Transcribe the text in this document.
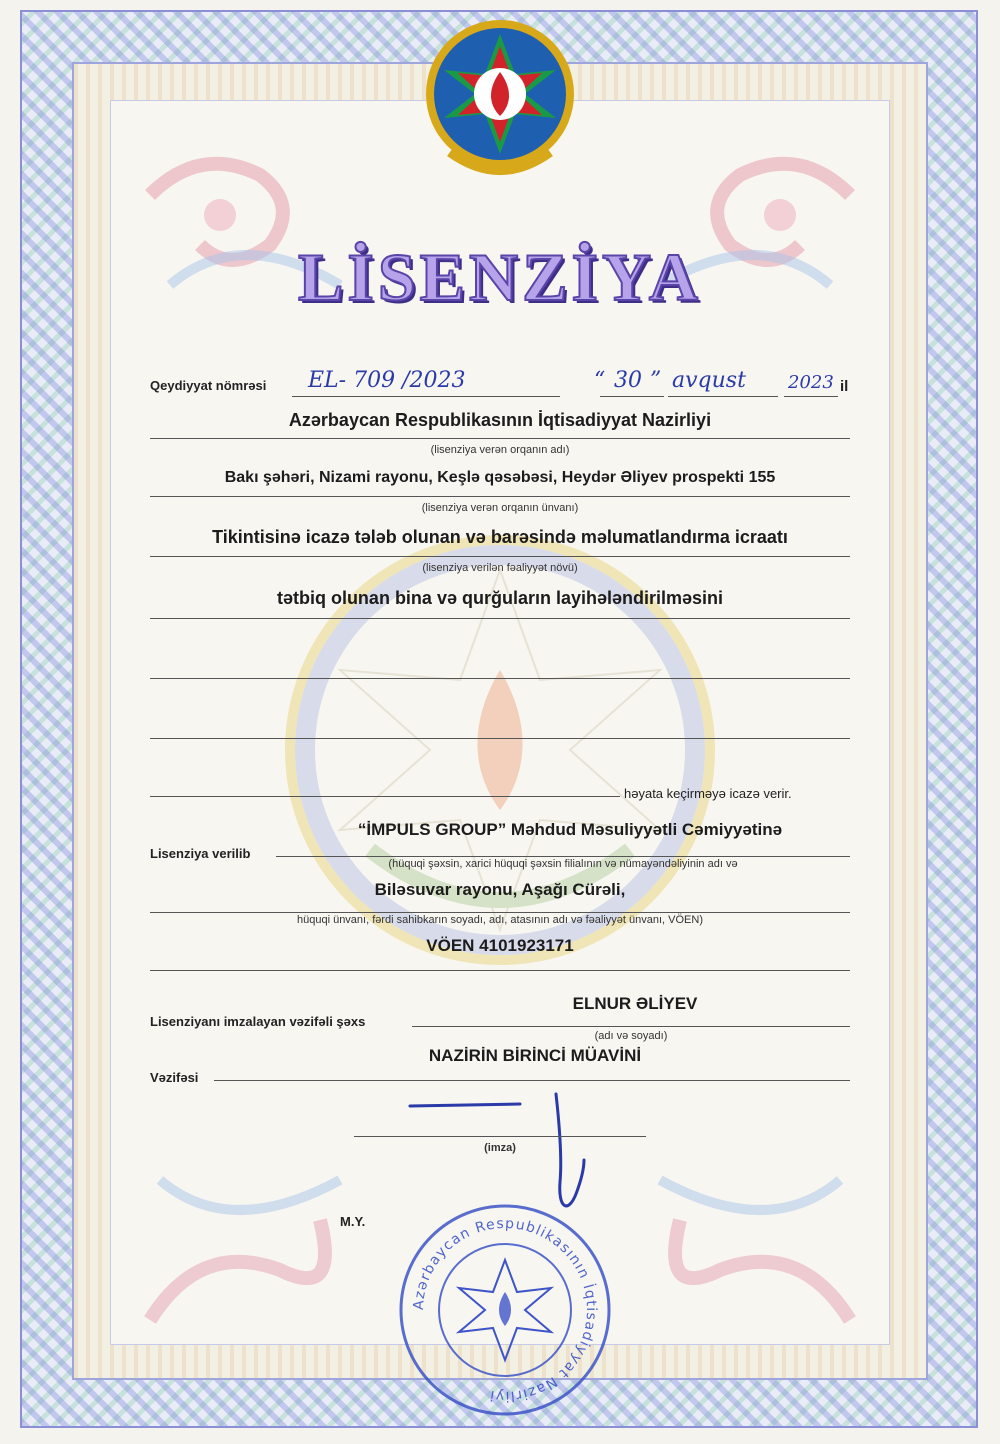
LİSENZİYA
Qeydiyyat nömrəsi EL- 709 /2023	“ 30 ” avqust 2023 il
Azərbaycan Respublikasının İqtisadiyyat Nazirliyi
(lisenziya verən orqanın adı)
Bakı şəhəri, Nizami rayonu, Keşlə qəsəbəsi, Heydər Əliyev prospekti 155
(lisenziya verən orqanın ünvanı)
Tikintisinə icazə tələb olunan və barəsində məlumatlandırma icraatı
(lisenziya verilən fəaliyyət növü)
tətbiq olunan bina və qurğuların layihələndirilməsini
həyata keçirməyə icazə verir.
Lisenziya verilib
“İMPULS GROUP” Məhdud Məsuliyyətli Cəmiyyətinə
(hüquqi şəxsin, xarici hüquqi şəxsin filialının və nümayəndəliyinin adı və
Biləsuvar rayonu, Aşağı Cürəli,
hüquqi ünvanı, fərdi sahibkarın soyadı, adı, atasının adı və fəaliyyət ünvanı, VÖEN)
VÖEN 4101923171
Lisenziyanı imzalayan vəzifəli şəxs
ELNUR ƏLİYEV
(adı və soyadı)
Vəzifəsi
NAZİRİN BİRİNCİ MÜAVİNİ
(imza)
M.Y.
Azərbaycan Respublikasının İqtisadiyyat Nazirliyi
